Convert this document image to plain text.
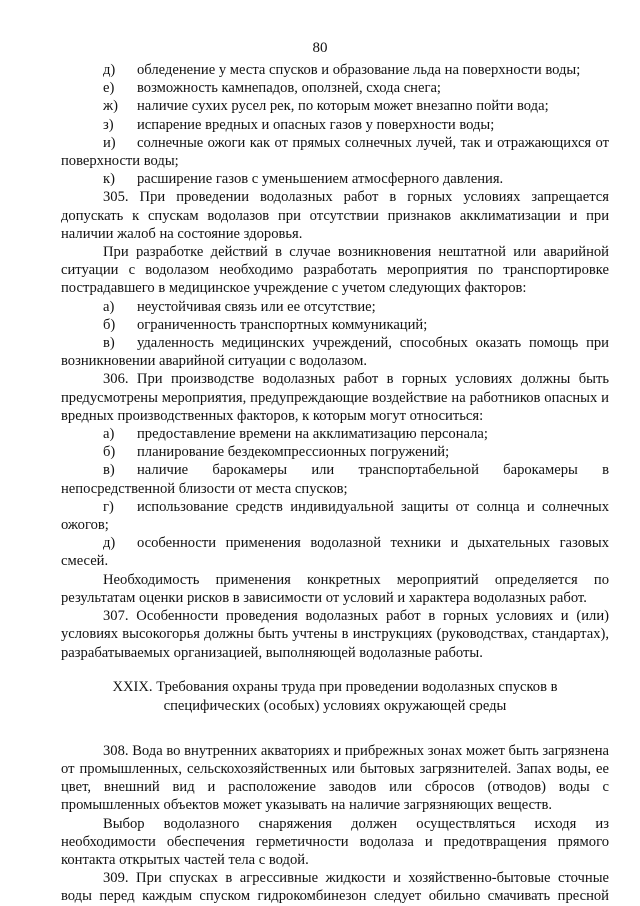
80

д) обледенение у места спусков и образование льда на поверхности воды;

е) возможность камнепадов, оползней, схода снега;

ж) наличие сухих русел рек, по которым может внезапно пойти вода;

з) испарение вредных и опасных газов у поверхности воды;

и) солнечные ожоги как от прямых солнечных лучей, так и отражающихся от поверхности воды;

к) расширение газов с уменьшением атмосферного давления.

305. При проведении водолазных работ в горных условиях запрещается допускать к спускам водолазов при отсутствии признаков акклиматизации и при наличии жалоб на состояние здоровья.

При разработке действий в случае возникновения нештатной или аварийной ситуации с водолазом необходимо разработать мероприятия по транспортировке пострадавшего в медицинское учреждение с учетом следующих факторов:

а) неустойчивая связь или ее отсутствие;

б) ограниченность транспортных коммуникаций;

в) удаленность медицинских учреждений, способных оказать помощь при возникновении аварийной ситуации с водолазом.

306. При производстве водолазных работ в горных условиях должны быть предусмотрены мероприятия, предупреждающие воздействие на работников опасных и вредных производственных факторов, к которым могут относиться:

а) предоставление времени на акклиматизацию персонала;

б) планирование бездекомпрессионных погружений;

в) наличие барокамеры или транспортабельной барокамеры в непосредственной близости от места спусков;

г) использование средств индивидуальной защиты от солнца и солнечных ожогов;

д) особенности применения водолазной техники и дыхательных газовых смесей.

Необходимость применения конкретных мероприятий определяется по результатам оценки рисков в зависимости от условий и характера водолазных работ.

307. Особенности проведения водолазных работ в горных условиях и (или) условиях высокогорья должны быть учтены в инструкциях (руководствах, стандартах), разрабатываемых организацией, выполняющей водолазные работы.

XXIX. Требования охраны труда при проведении водолазных спусков в
специфических (особых) условиях окружающей среды

308. Вода во внутренних акваториях и прибрежных зонах может быть загрязнена от промышленных, сельскохозяйственных или бытовых загрязнителей. Запах воды, ее цвет, внешний вид и расположение заводов или сбросов (отводов) воды с промышленных объектов может указывать на наличие загрязняющих веществ.

Выбор водолазного снаряжения должен осуществляться исходя из необходимости обеспечения герметичности водолаза и предотвращения прямого контакта открытых частей тела с водой.

309. При спусках в агрессивные жидкости и хозяйственно-бытовые сточные воды перед каждым спуском гидрокомбинезон следует обильно смачивать пресной
